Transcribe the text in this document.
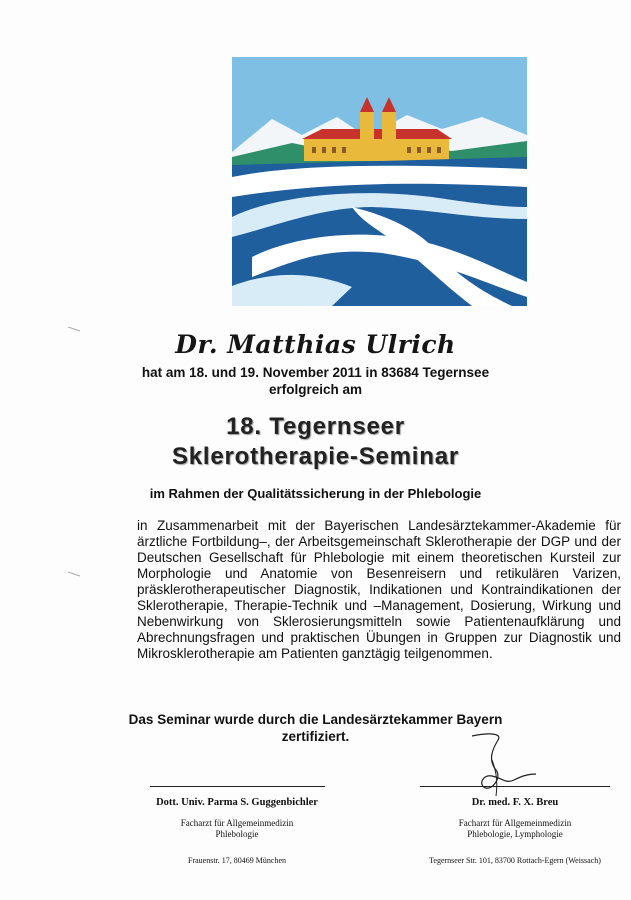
Dr. Matthias Ulrich
hat am 18. und 19. November 2011 in 83684 Tegernsee
erfolgreich am
18. Tegernseer
Sklerotherapie-Seminar
im Rahmen der Qualitätssicherung in der Phlebologie
in Zusammenarbeit mit der Bayerischen Landesärztekammer-Akademie für ärztliche Fortbildung–, der Arbeitsgemeinschaft Sklerotherapie der DGP und der Deutschen Gesellschaft für Phlebologie mit einem theoretischen Kursteil zur Morphologie und Anatomie von Besenreisern und retikulären Varizen, präsklerotherapeutischer Diagnostik, Indikationen und Kontraindikationen der Sklerotherapie, Therapie-Technik und –Management, Dosierung, Wirkung und Nebenwirkung von Sklerosierungsmitteln sowie Patientenaufklärung und Abrechnungsfragen und praktischen Übungen in Gruppen zur Diagnostik und Mikrosklerotherapie am Patienten ganztägig teilgenommen.
Das Seminar wurde durch die Landesärztekammer Bayern
zertifiziert.
Dott. Univ. Parma S. Guggenbichler
Facharzt für Allgemeinmedizin
Phlebologie
Frauenstr. 17, 80469 München
Dr. med. F. X. Breu
Facharzt für Allgemeinmedizin
Phlebologie, Lymphologie
Tegernseer Str. 101, 83700 Rottach-Egern (Weissach)
